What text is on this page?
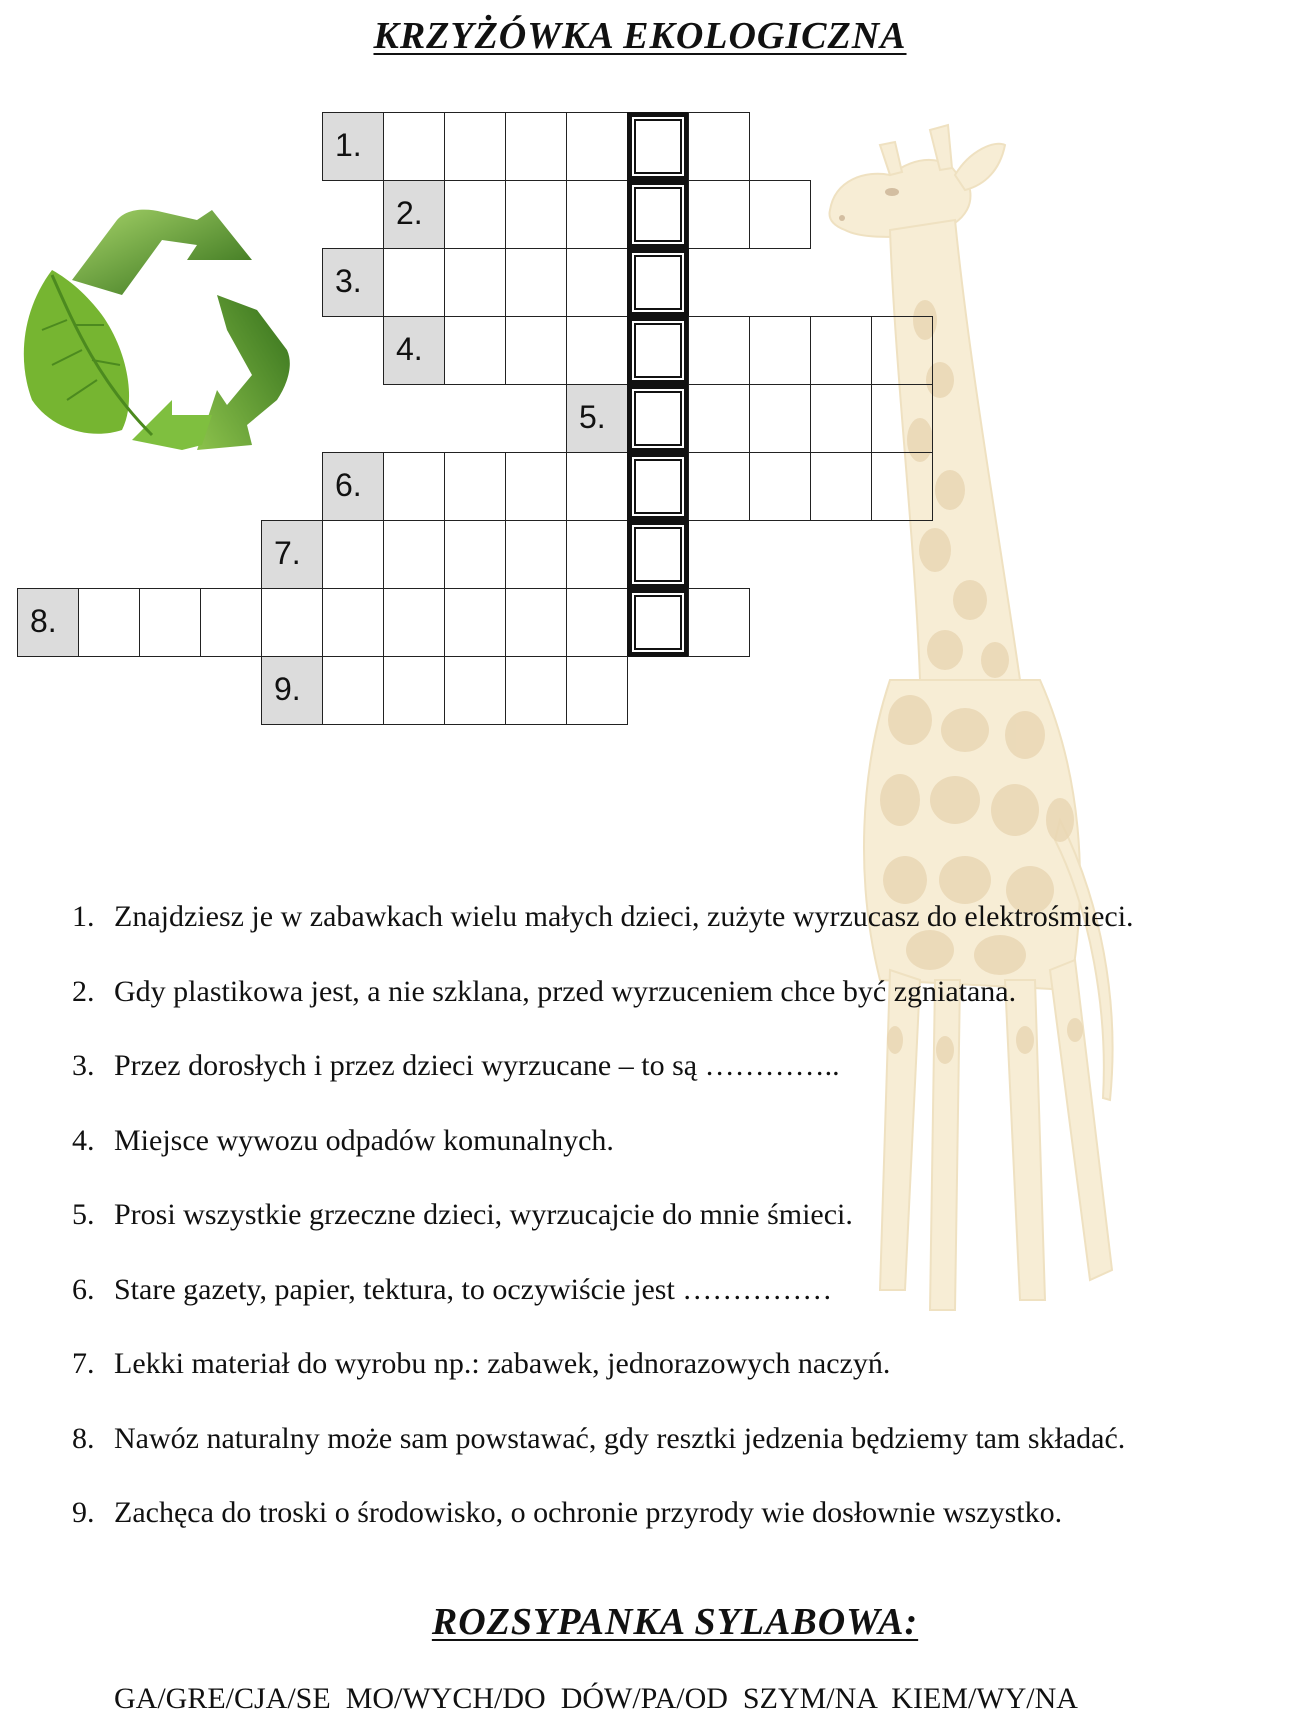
KRZYŻÓWKA EKOLOGICZNA
1.
2.
3.
4.
5.
6.
7.
8.
9.
1. Znajdziesz je w zabawkach wielu małych dzieci, zużyte wyrzucasz do elektrośmieci.
2. Gdy plastikowa jest, a nie szklana, przed wyrzuceniem chce być zgniatana.
3. Przez dorosłych i przez dzieci wyrzucane – to są …………..
4. Miejsce wywozu odpadów komunalnych.
5. Prosi wszystkie grzeczne dzieci, wyrzucajcie do mnie śmieci.
6. Stare gazety, papier, tektura, to oczywiście jest ……………
7. Lekki materiał do wyrobu np.: zabawek, jednorazowych naczyń.
8. Nawóz naturalny może sam powstawać, gdy resztki jedzenia będziemy tam składać.
9. Zachęca do troski o środowisko, o ochronie przyrody wie dosłownie wszystko.
ROZSYPANKA SYLABOWA:
GA/GRE/CJA/SE  MO/WYCH/DO  DÓW/PA/OD  SZYM/NA  KIEM/WY/NA
